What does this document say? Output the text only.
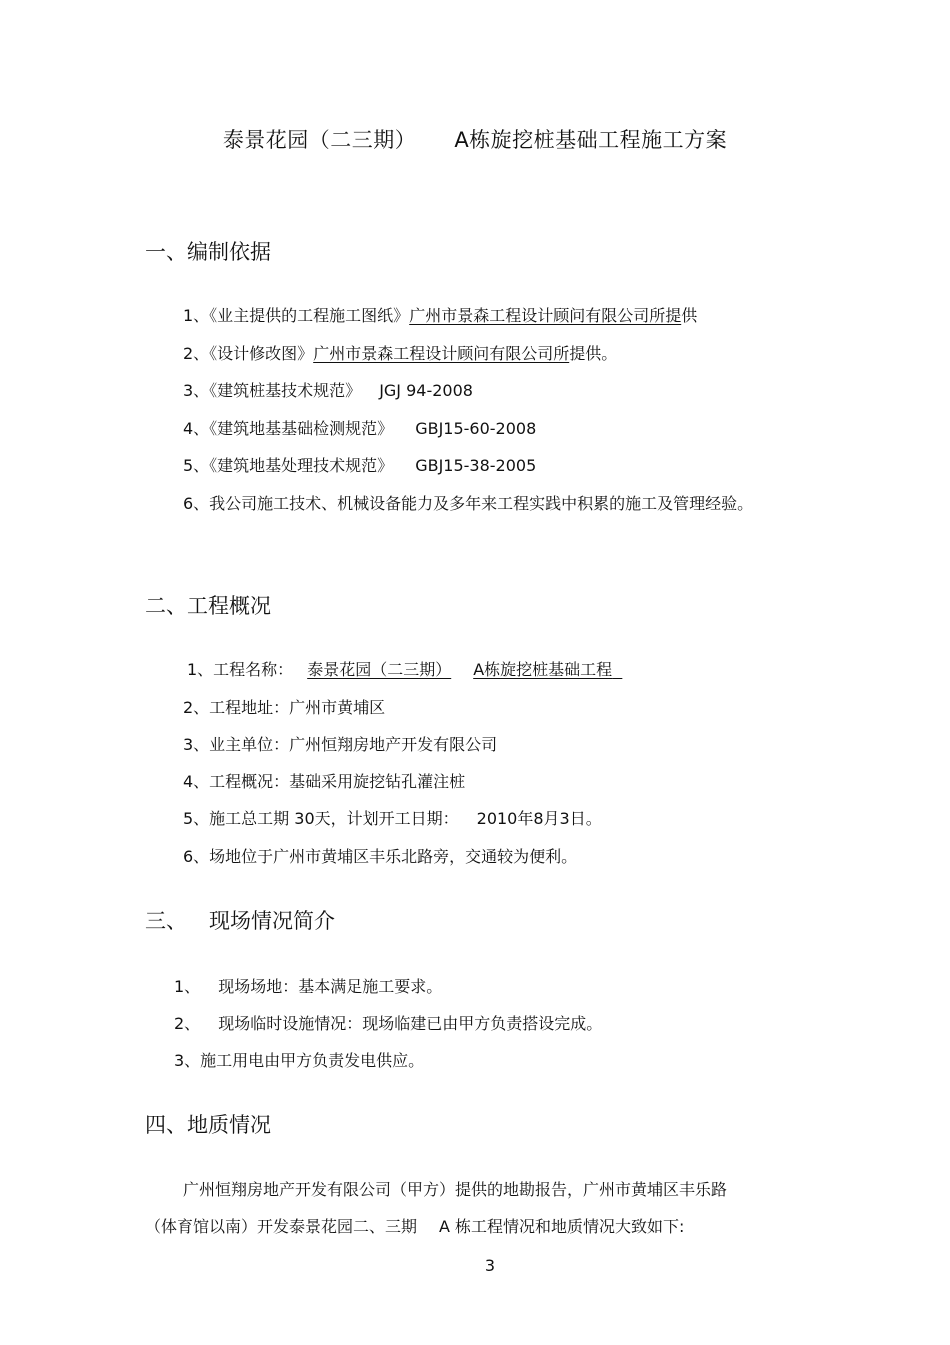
泰景花园（二三期） A栋旋挖桩基础工程施工方案
一、编制依据
1、《业主提供的工程施工图纸》广州市景森工程设计顾问有限公司所提供
2、《设计修改图》广州市景森工程设计顾问有限公司所提供。
3、《建筑桩基技术规范》 JGJ 94-2008
4、《建筑地基基础检测规范》 GBJ15-60-2008
5、《建筑地基处理技术规范》 GBJ15-38-2005
6、我公司施工技术、机械设备能力及多年来工程实践中积累的施工及管理经验。
二、工程概况
1、工程名称： 泰景花园（二三期） A栋旋挖桩基础工程
2、工程地址：广州市黄埔区
3、业主单位：广州恒翔房地产开发有限公司
4、工程概况：基础采用旋挖钻孔灌注桩
5、施工总工期 30天，计划开工日期： 2010年8月3日。
6、场地位于广州市黄埔区丰乐北路旁，交通较为便利。
三、 现场情况简介
1、 现场场地：基本满足施工要求。
2、 现场临时设施情况：现场临建已由甲方负责搭设完成。
3、施工用电由甲方负责发电供应。
四、地质情况
广州恒翔房地产开发有限公司（甲方）提供的地勘报告，广州市黄埔区丰乐路
（体育馆以南）开发泰景花园二、三期 A 栋工程情况和地质情况大致如下:
3
